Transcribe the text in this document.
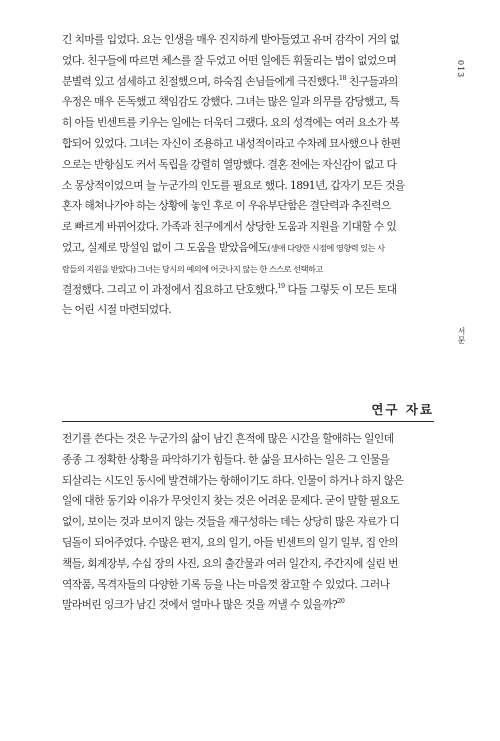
013
서문
긴 치마를 입었다. 요는 인생을 매우 진지하게 받아들였고 유머 감각이 거의 없
었다. 친구들에 따르면 체스를 잘 두었고 어떤 일에든 휘둘리는 법이 없었으며
분별력 있고 섬세하고 친절했으며, 하숙집 손님들에게 극진했다.$^{18}$ 친구들과의
우정은 매우 돈독했고 책임감도 강했다. 그녀는 많은 일과 의무를 감당했고, 특
히 아들 빈센트를 키우는 일에는 더욱더 그랬다. 요의 성격에는 여러 요소가 복
합되어 있었다. 그녀는 자신이 조용하고 내성적이라고 수차례 묘사했으나 한편
으로는 반항심도 커서 독립을 강렬히 열망했다. 결혼 전에는 자신감이 없고 다
소 몽상적이었으며 늘 누군가의 인도를 필요로 했다. 1891년, 갑자기 모든 것을
혼자 해쳐나가야 하는 상황에 놓인 후로 이 우유부단함은 결단력과 추진력으
로 빠르게 바뀌어갔다. 가족과 친구에게서 상당한 도움과 지원을 기대할 수 있
었고, 실제로 망설임 없이 그 도움을 받았음에도(생애 다양한 시점에 영향력 있는 사
람들의 지원을 받았다) 그녀는 당시의 예의에 어긋나지 않는 한 스스로 선택하고
결정했다. 그리고 이 과정에서 집요하고 단호했다.$^{19}$ 다들 그렇듯 이 모든 토대
는 어린 시절 마련되었다.
연구 자료
전기를 쓴다는 것은 누군가의 삶이 남긴 흔적에 많은 시간을 할애하는 일인데
종종 그 정확한 상황을 파악하기가 힘들다. 한 삶을 묘사하는 일은 그 인물을
되살리는 시도인 동시에 발견해가는 항해이기도 하다. 인물이 하거나 하지 않은
일에 대한 동기와 이유가 무엇인지 찾는 것은 어려운 문제다. 굳이 말할 필요도
없이, 보이는 것과 보이지 않는 것들을 재구성하는 데는 상당히 많은 자료가 디
딤돌이 되어주었다. 수많은 편지, 요의 일기, 아들 빈센트의 일기 일부, 집 안의
책들, 회계장부, 수십 장의 사진, 요의 출간물과 여러 일간지, 주간지에 실린 번
역작품, 목격자들의 다양한 기록 등을 나는 마음껏 참고할 수 있었다. 그러나
말라버린 잉크가 남긴 것에서 얼마나 많은 것을 꺼낼 수 있을까?$^{20}$
